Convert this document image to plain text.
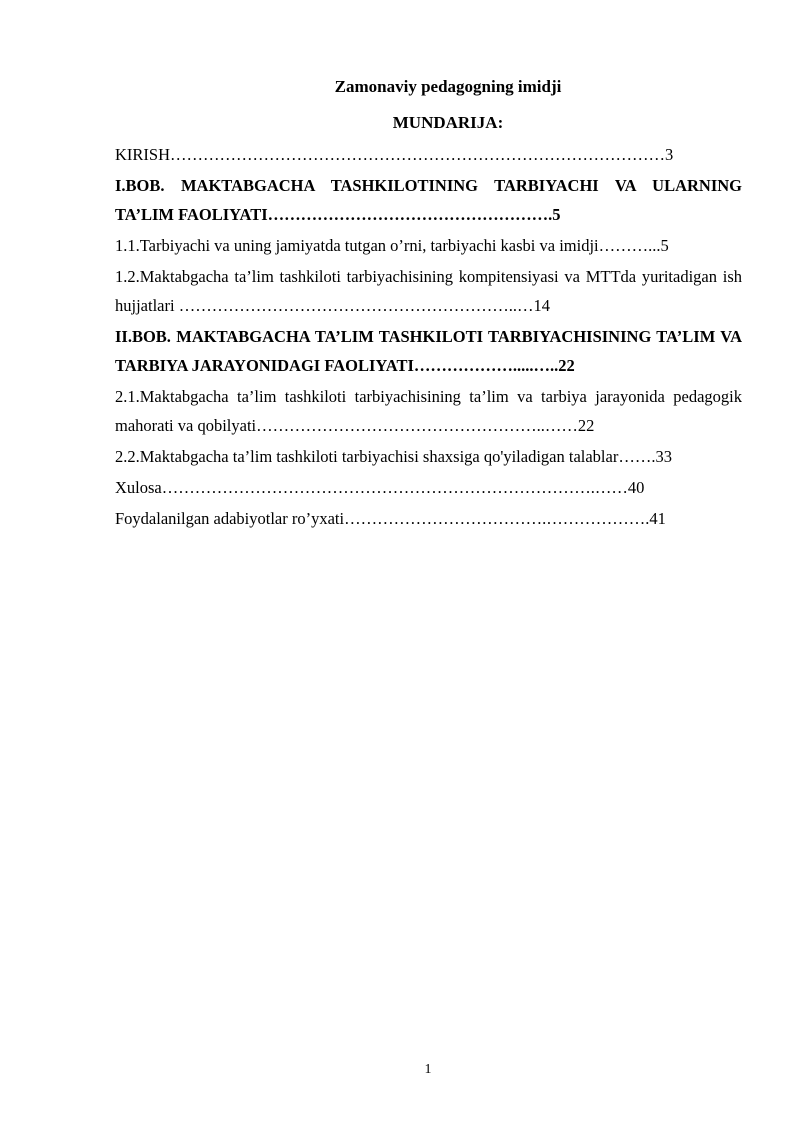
Zamonaviy pedagogning imidji

MUNDARIJA:

KIRISH………………………………………………………………………………3

I.BOB. MAKTABGACHA TASHKILOTINING TARBIYACHI VA ULARNING TA’LIM FAOLIYATI…………………………………………….5

1.1.Tarbiyachi va uning jamiyatda tutgan o’rni, tarbiyachi kasbi va imidji………...5

1.2.Maktabgacha ta’lim tashkiloti tarbiyachisining kompitensiyasi va MTTda yuritadigan ish hujjatlari ……………………………………………………..…14

II.BOB. MAKTABGACHA TA’LIM TASHKILOTI TARBIYACHISINING TA’LIM VA TARBIYA JARAYONIDAGI FAOLIYATI……………….....…..22

2.1.Maktabgacha ta’lim tashkiloti tarbiyachisining ta’lim va tarbiya jarayonida pedagogik mahorati va qobilyati……………………………………………..……22

2.2.Maktabgacha ta’lim tashkiloti tarbiyachisi shaxsiga qo'yiladigan talablar…….33

Xulosa…………………………………………………………………….……40

Foydalanilgan adabiyotlar ro’yxati……………………………….……………….41

1
